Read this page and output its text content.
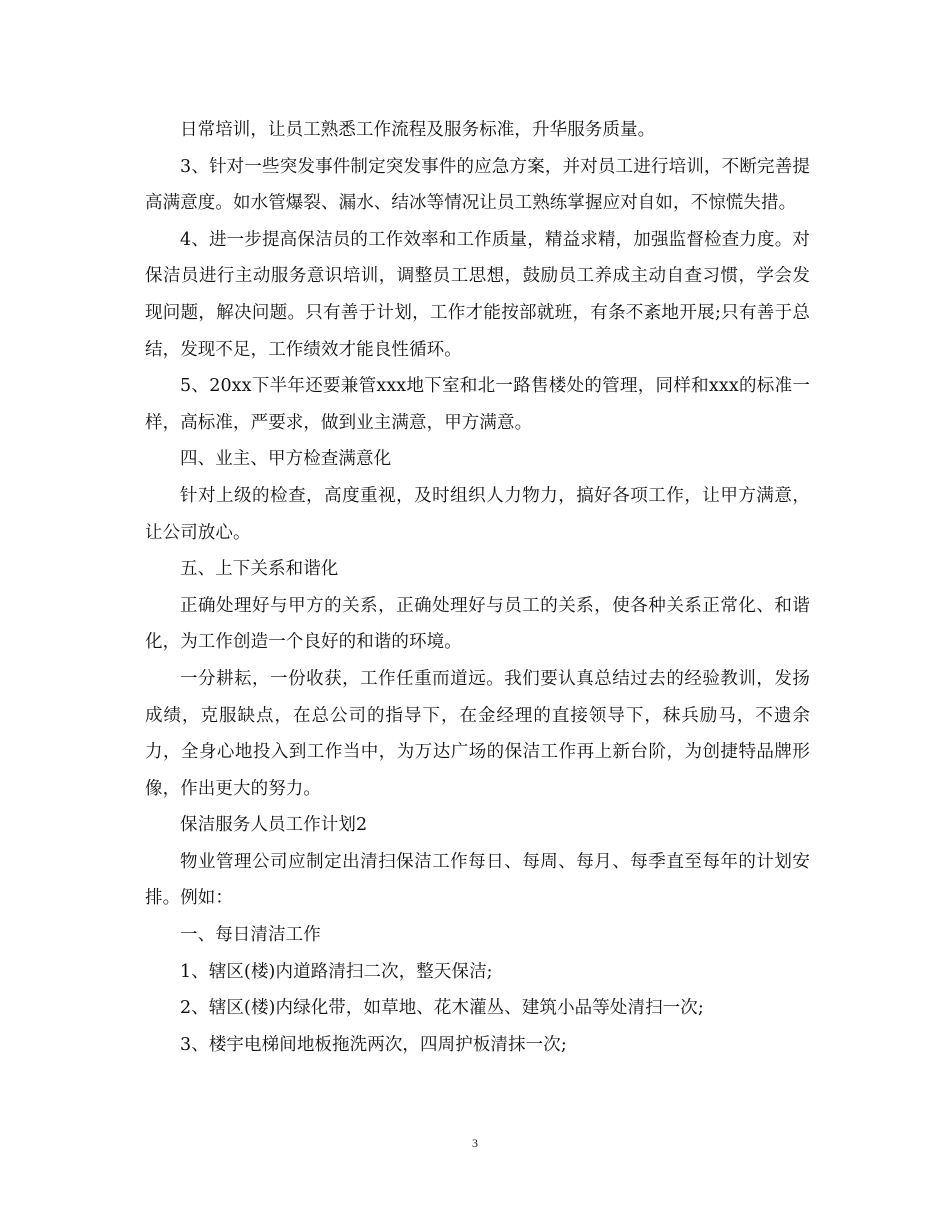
日常培训，让员工熟悉工作流程及服务标准，升华服务质量。

3、针对一些突发事件制定突发事件的应急方案，并对员工进行培训，不断完善提高满意度。如水管爆裂、漏水、结冰等情况让员工熟练掌握应对自如，不惊慌失措。

4、进一步提高保洁员的工作效率和工作质量，精益求精，加强监督检查力度。对保洁员进行主动服务意识培训，调整员工思想，鼓励员工养成主动自查习惯，学会发现问题，解决问题。只有善于计划，工作才能按部就班，有条不紊地开展;只有善于总结，发现不足，工作绩效才能良性循环。

5、20xx下半年还要兼管xxx地下室和北一路售楼处的管理，同样和xxx的标准一样，高标准，严要求，做到业主满意，甲方满意。

四、业主、甲方检查满意化

针对上级的检查，高度重视，及时组织人力物力，搞好各项工作，让甲方满意，让公司放心。

五、上下关系和谐化

正确处理好与甲方的关系，正确处理好与员工的关系，使各种关系正常化、和谐化，为工作创造一个良好的和谐的环境。

一分耕耘，一份收获，工作任重而道远。我们要认真总结过去的经验教训，发扬成绩，克服缺点，在总公司的指导下，在金经理的直接领导下，秣兵励马，不遗余力，全身心地投入到工作当中，为万达广场的保洁工作再上新台阶，为创捷特品牌形像，作出更大的努力。

保洁服务人员工作计划2

物业管理公司应制定出清扫保洁工作每日、每周、每月、每季直至每年的计划安排。例如：

一、每日清洁工作

1、辖区(楼)内道路清扫二次，整天保洁;

2、辖区(楼)内绿化带，如草地、花木灌丛、建筑小品等处清扫一次;

3、楼宇电梯间地板拖洗两次，四周护板清抹一次;

3
